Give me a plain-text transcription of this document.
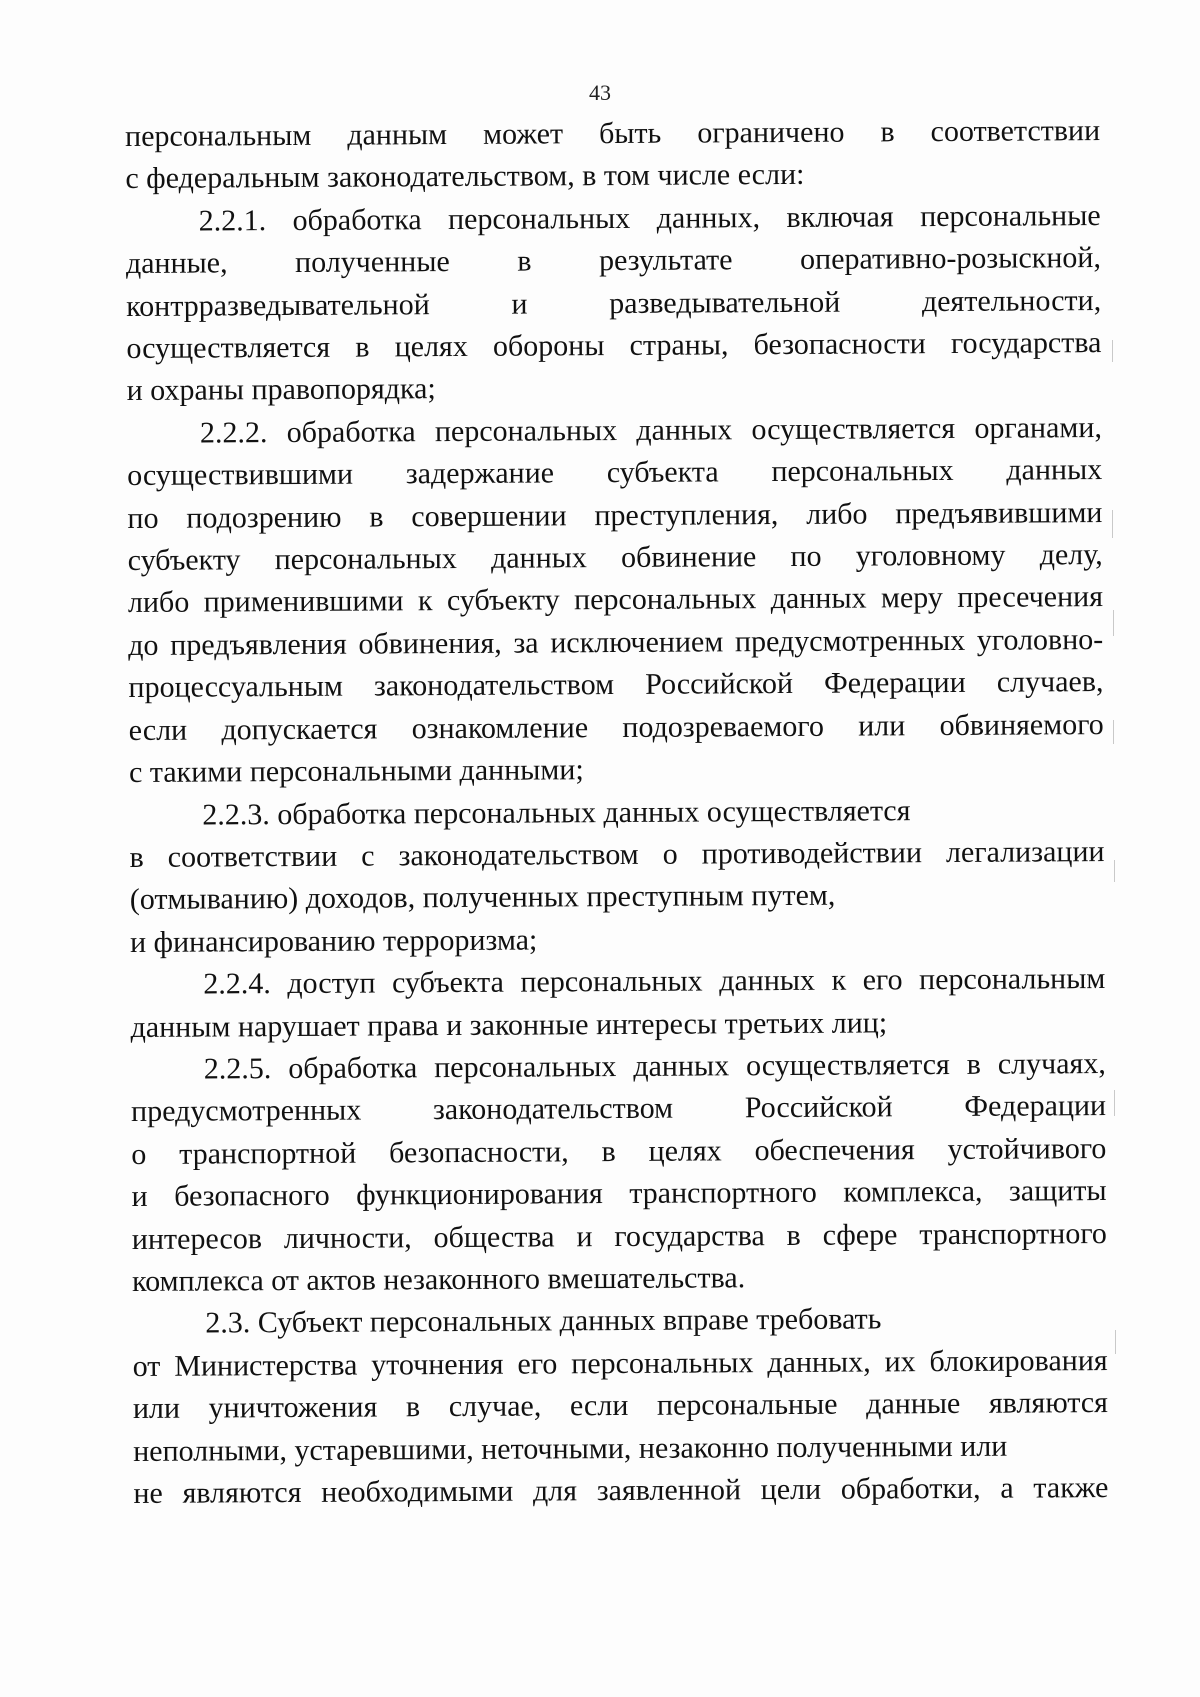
43
персональным данным может быть ограничено в соответствии
с федеральным законодательством, в том числе если:
2.2.1. обработка персональных данных, включая персональные
данные, полученные в результате оперативно-розыскной,
контрразведывательной и разведывательной деятельности,
осуществляется в целях обороны страны, безопасности государства
и охраны правопорядка;
2.2.2. обработка персональных данных осуществляется органами,
осуществившими задержание субъекта персональных данных
по подозрению в совершении преступления, либо предъявившими
субъекту персональных данных обвинение по уголовному делу,
либо применившими к субъекту персональных данных меру пресечения
до предъявления обвинения, за исключением предусмотренных уголовно-
процессуальным законодательством Российской Федерации случаев,
если допускается ознакомление подозреваемого или обвиняемого
с такими персональными данными;
2.2.3. обработка персональных данных осуществляется
в соответствии с законодательством о противодействии легализации
(отмыванию) доходов, полученных преступным путем,
и финансированию терроризма;
2.2.4. доступ субъекта персональных данных к его персональным
данным нарушает права и законные интересы третьих лиц;
2.2.5. обработка персональных данных осуществляется в случаях,
предусмотренных законодательством Российской Федерации
о транспортной безопасности, в целях обеспечения устойчивого
и безопасного функционирования транспортного комплекса, защиты
интересов личности, общества и государства в сфере транспортного
комплекса от актов незаконного вмешательства.
2.3. Субъект персональных данных вправе требовать
от Министерства уточнения его персональных данных, их блокирования
или уничтожения в случае, если персональные данные являются
неполными, устаревшими, неточными, незаконно полученными или
не являются необходимыми для заявленной цели обработки, а также
